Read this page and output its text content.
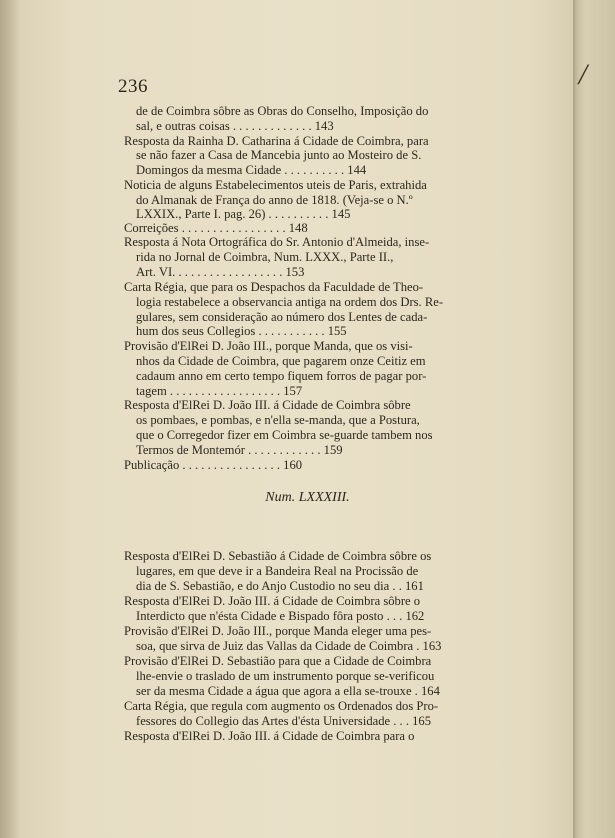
/
236
de de Coimbra sôbre as Obras do Conselho, Imposição do
sal, e outras coisas . . . . . . . . . . . . . 143
Resposta da Rainha D. Catharina á Cidade de Coimbra, para
se não fazer a Casa de Mancebia junto ao Mosteiro de S.
Domingos da mesma Cidade . . . . . . . . . . 144
Noticia de alguns Estabelecimentos uteis de Paris, extrahida
do Almanak de França do anno de 1818. (Veja-se o N.º
LXXIX., Parte I. pag. 26) . . . . . . . . . . 145
Correições . . . . . . . . . . . . . . . . . 148
Resposta á Nota Ortográfica do Sr. Antonio d'Almeida, inse-
rida no Jornal de Coimbra, Num. LXXX., Parte II.,
Art. VI. . . . . . . . . . . . . . . . . . 153
Carta Régia, que para os Despachos da Faculdade de Theo-
logia restabelece a observancia antiga na ordem dos Drs. Re-
gulares, sem consideração ao número dos Lentes de cada-
hum dos seus Collegios . . . . . . . . . . . 155
Provisão d'ElRei D. João III., porque Manda, que os visi-
nhos da Cidade de Coimbra, que pagarem onze Ceitiz em
cadaum anno em certo tempo fiquem forros de pagar por-
tagem . . . . . . . . . . . . . . . . . . 157
Resposta d'ElRei D. João III. á Cidade de Coimbra sôbre
os pombaes, e pombas, e n'ella se-manda, que a Postura,
que o Corregedor fizer em Coimbra se-guarde tambem nos
Termos de Montemór . . . . . . . . . . . . 159
Publicação . . . . . . . . . . . . . . . . 160
Num. LXXXIII.
Resposta d'ElRei D. Sebastião á Cidade de Coimbra sôbre os
lugares, em que deve ir a Bandeira Real na Procissão de
dia de S. Sebastião, e do Anjo Custodio no seu dia . . 161
Resposta d'ElRei D. João III. á Cidade de Coimbra sôbre o
Interdicto que n'ésta Cidade e Bispado fôra posto . . . 162
Provisão d'ElRei D. João III., porque Manda eleger uma pes-
soa, que sirva de Juiz das Vallas da Cidade de Coimbra . 163
Provisão d'ElRei D. Sebastião para que a Cidade de Coimbra
lhe-envie o traslado de um instrumento porque se-verificou
ser da mesma Cidade a água que agora a ella se-trouxe . 164
Carta Régia, que regula com augmento os Ordenados dos Pro-
fessores do Collegio das Artes d'ésta Universidade . . . 165
Resposta d'ElRei D. João III. á Cidade de Coimbra para o
